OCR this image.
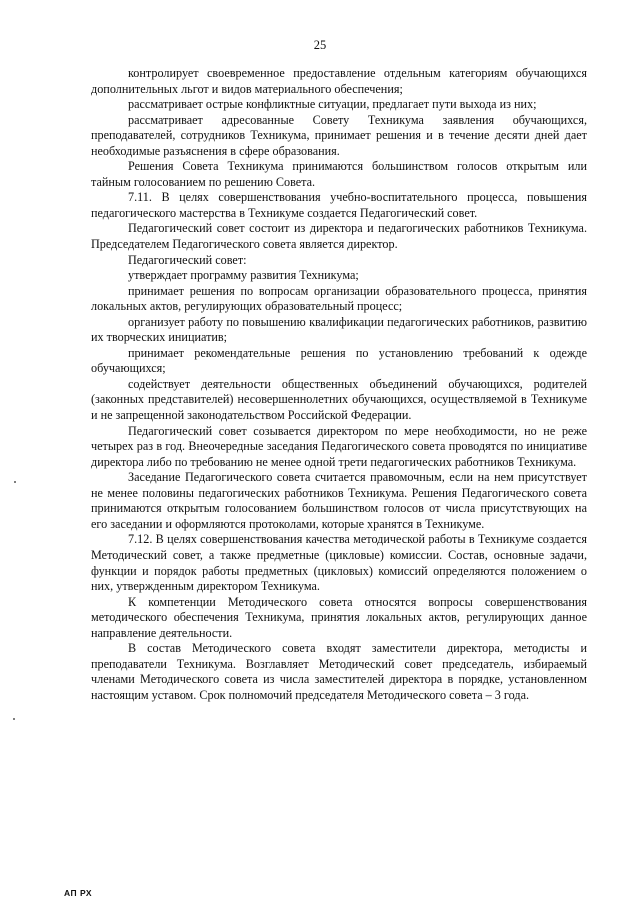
25

контролирует своевременное предоставление отдельным категориям обучающихся дополнительных льгот и видов материального обеспечения;

рассматривает острые конфликтные ситуации, предлагает пути выхода из них;

рассматривает адресованные Совету Техникума заявления обучающихся, преподавателей, сотрудников Техникума, принимает решения и в течение десяти дней дает необходимые разъяснения в сфере образования.

Решения Совета Техникума принимаются большинством голосов открытым или тайным голосованием по решению Совета.

7.11. В целях совершенствования учебно-воспитательного процесса, повышения педагогического мастерства в Техникуме создается Педагогический совет.

Педагогический совет состоит из директора и педагогических работников Техникума. Председателем Педагогического совета является директор.

Педагогический совет:

утверждает программу развития Техникума;

принимает решения по вопросам организации образовательного процесса, принятия локальных актов, регулирующих образовательный процесс;

организует работу по повышению квалификации педагогических работников, развитию их творческих инициатив;

принимает рекомендательные решения по установлению требований к одежде обучающихся;

содействует деятельности общественных объединений обучающихся, родителей (законных представителей) несовершеннолетних обучающихся, осуществляемой в Техникуме и не запрещенной законодательством Российской Федерации.

Педагогический совет созывается директором по мере необходимости, но не реже четырех раз в год. Внеочередные заседания Педагогического совета проводятся по инициативе директора либо по требованию не менее одной трети педагогических работников Техникума.

Заседание Педагогического совета считается правомочным, если на нем присутствует не менее половины педагогических работников Техникума. Решения Педагогического совета принимаются открытым голосованием большинством голосов от числа присутствующих на его заседании и оформляются протоколами, которые хранятся в Техникуме.

7.12. В целях совершенствования качества методической работы в Техникуме создается Методический совет, а также предметные (цикловые) комиссии. Состав, основные задачи, функции и порядок работы предметных (цикловых) комиссий определяются положением о них, утвержденным директором Техникума.

К компетенции Методического совета относятся вопросы совершенствования методического обеспечения Техникума, принятия локальных актов, регулирующих данное направление деятельности.

В состав Методического совета входят заместители директора, методисты и преподаватели Техникума. Возглавляет Методический совет председатель, избираемый членами Методического совета из числа заместителей директора в порядке, установленном настоящим уставом. Срок полномочий председателя Методического совета – 3 года.

АП РХ
